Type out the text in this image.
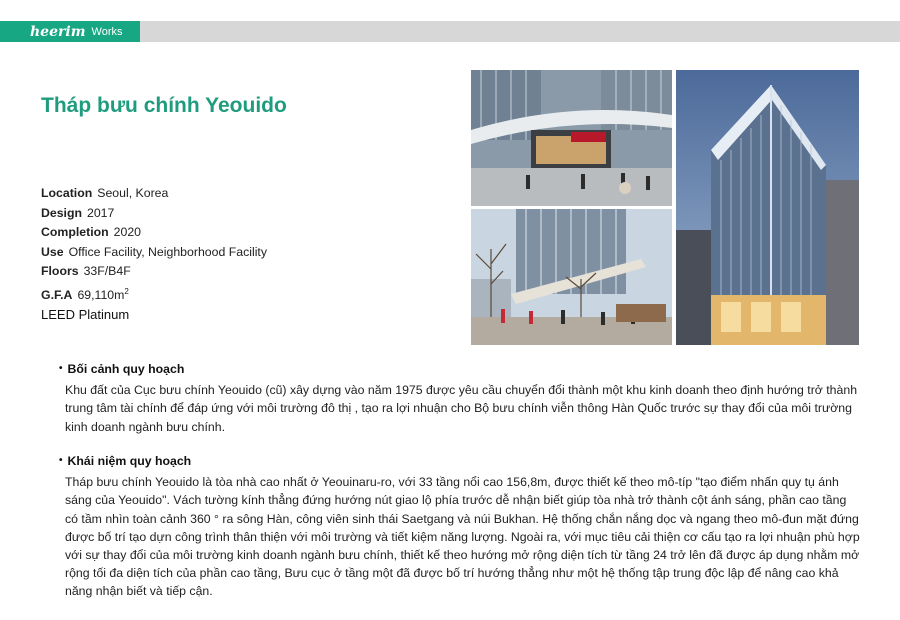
heerim Works
Tháp bưu chính Yeouido
Location Seoul, Korea
Design 2017
Completion 2020
Use Office Facility, Neighborhood Facility
Floors 33F/B4F
G.F.A $69,110m^2$
LEED Platinum
• Bối cảnh quy hoạch
Khu đất của Cục bưu chính Yeouido (cũ) xây dựng vào năm 1975 được yêu cầu chuyển đổi thành một khu kinh doanh theo định hướng trở thành trung tâm tài chính để đáp ứng với môi trường đô thị , tạo ra lợi nhuận cho Bộ bưu chính viễn thông Hàn Quốc trước sự thay đổi của môi trường kinh doanh ngành bưu chính.
• Khái niệm quy hoạch
Tháp bưu chính Yeouido là tòa nhà cao nhất ở Yeouinaru-ro, với 33 tầng nổi cao 156,8m, được thiết kế theo mô-típ "tạo điểm nhấn quy tụ ánh sáng của Yeouido". Vách tường kính thẳng đứng hướng nút giao lộ phía trước dễ nhận biết giúp tòa nhà trở thành cột ánh sáng, phần cao tầng có tầm nhìn toàn cảnh 360 ° ra sông Hàn, công viên sinh thái Saetgang và núi Bukhan. Hệ thống chắn nắng dọc và ngang theo mô-đun mặt đứng được bố trí tạo dựn công trình thân thiện với môi trường và tiết kiệm năng lượng. Ngoài ra, với mục tiêu cải thiện cơ cấu tạo ra lợi nhuận phù hợp với sự thay đổi của môi trường kinh doanh ngành bưu chính, thiết kế theo hướng mở rộng diện tích từ tầng 24 trở lên đã được áp dụng nhằm mở rộng tối đa diện tích của phần cao tầng, Bưu cục ở tầng một đã được bố trí hướng thẳng như một hệ thống tập trung độc lập để nâng cao khả năng nhận biết và tiếp cận.
